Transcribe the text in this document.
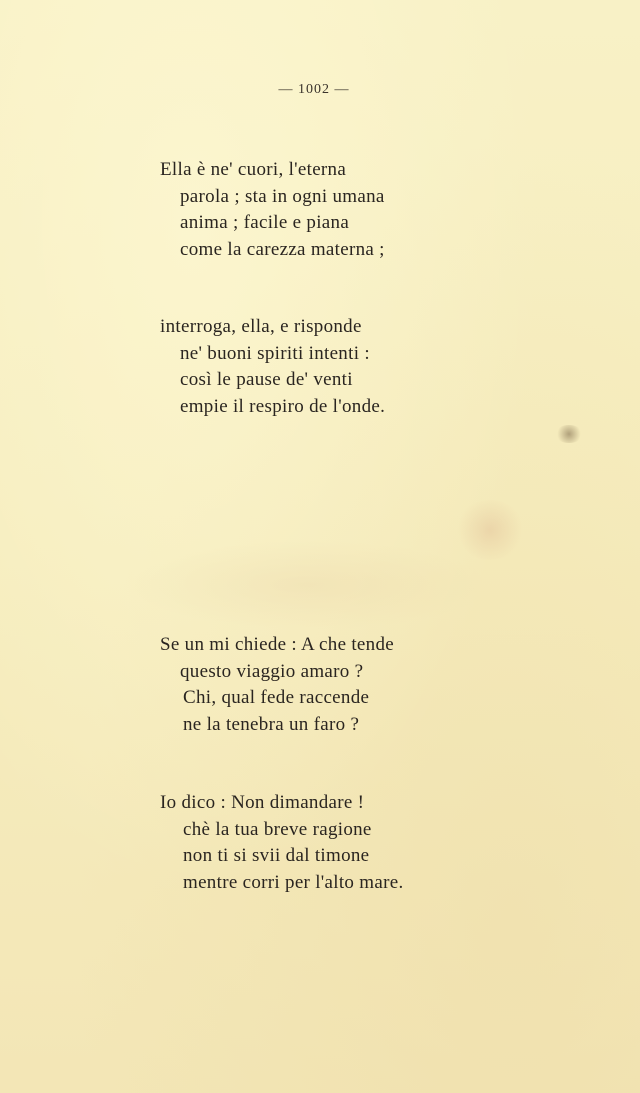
— 1002 —
Ella è ne' cuori, l'eterna
parola ; sta in ogni umana
anima ; facile e piana
come la carezza materna ;
interroga, ella, e risponde
ne' buoni spiriti intenti :
così le pause de' venti
empie il respiro de l'onde.
Se un mi chiede : A che tende
questo viaggio amaro ?
Chi, qual fede raccende
ne la tenebra un faro ?
Io dico : Non dimandare !
chè la tua breve ragione
non ti si svii dal timone
mentre corri per l'alto mare.
